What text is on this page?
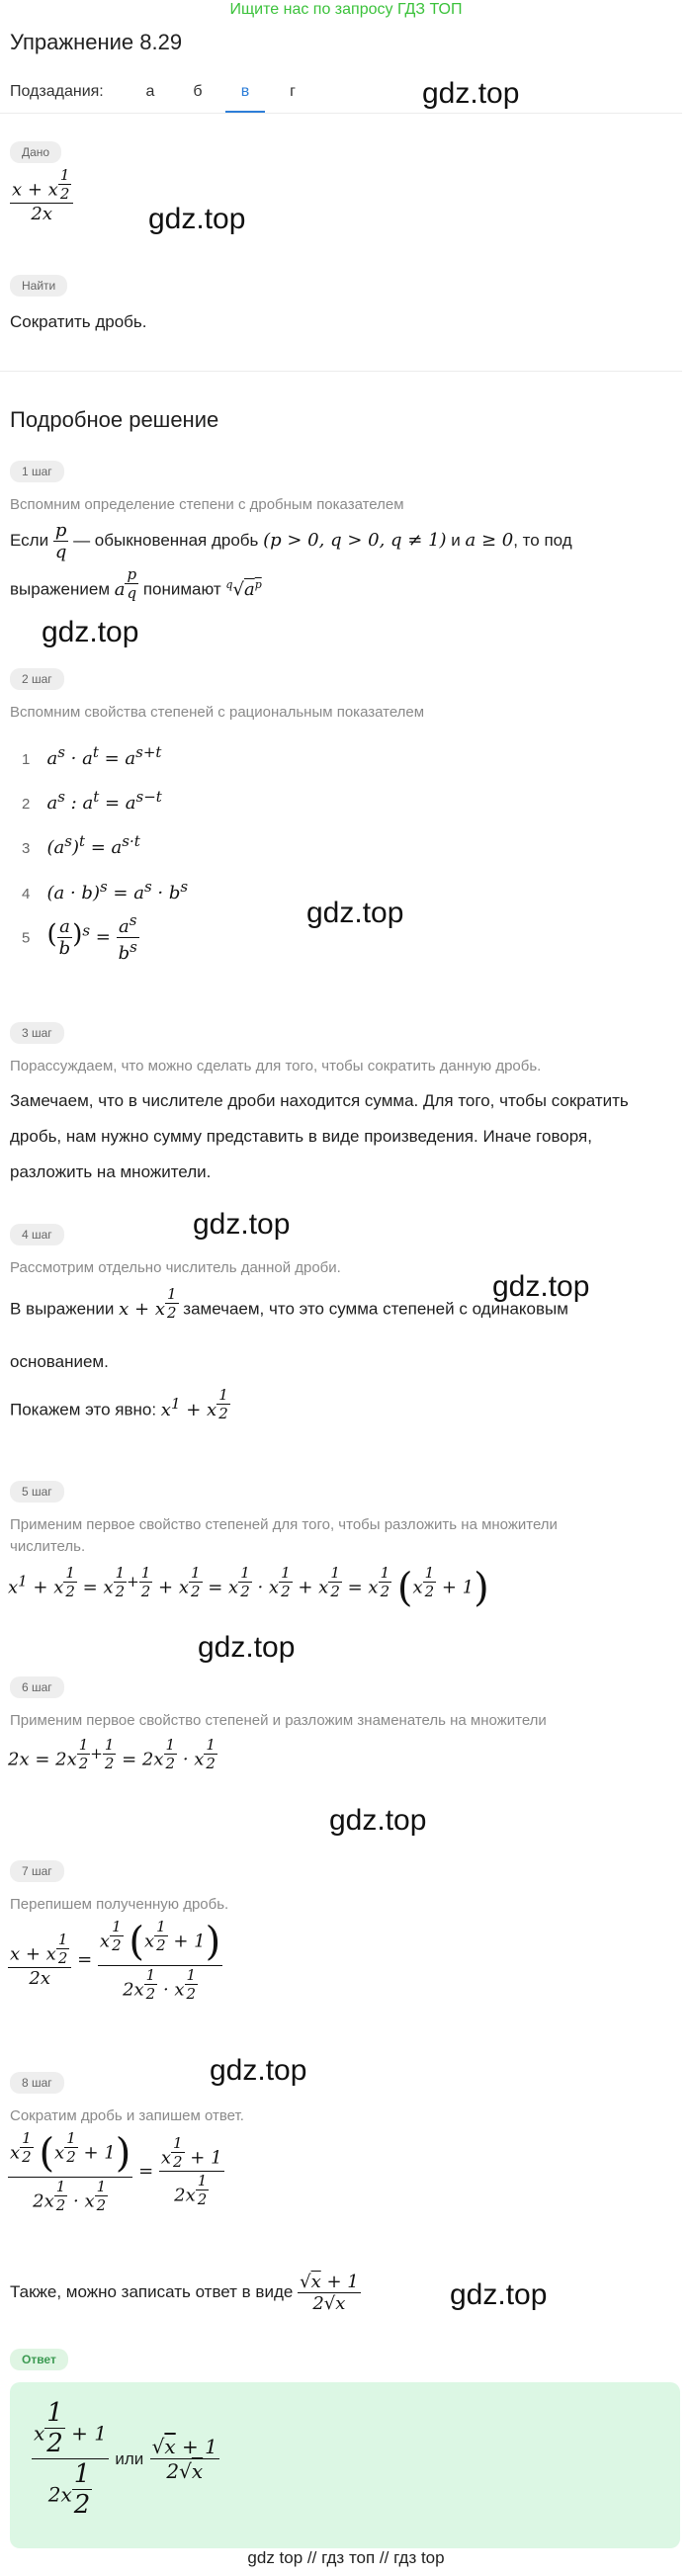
Ищите нас по запросу ГДЗ ТОП
Упражнение 8.29
Подзадания:	а	б	в	г	gdz.top
gdz.top
gdz.top
gdz.top
gdz.top
gdz.top
gdz.top
gdz.top
gdz.top
gdz.top
Дано
x + x $^{\frac{1}{2}}$
2x
Найти
Сократить дробь.
Подробное решение
1 шаг
Вспомним определение степени с дробным показателем
Если $\frac{p}{q}$ — обыкновенная дробь (p > 0, q > 0, q ≠ 1) и a ≥ 0, то под
выражением a $^{\frac{p}{q}}$ понимают $^q√a^p$
2 шаг
Вспомним свойства степеней с рациональным показателем
1   $a^s \cdot a^t = a^{s+t}$
2   $a^s$ : $a^t = a^{s-t}$
3   $(a^s)^t = a^{s\cdot t}$
4   $(a \cdot b)^s = a^s \cdot b^s$
5 ( $\frac{a}{b} )^s = \frac{a^s}{b^s}$
3 шаг
Порассуждаем, что можно сделать для того, чтобы сократить данную дробь.
Замечаем, что в числителе дроби находится сумма. Для того, чтобы сократить
дробь, нам нужно сумму представить в виде произведения. Иначе говоря,
разложить на множители.
4 шаг
Рассмотрим отдельно числитель данной дроби.
В выражении x + x $^{\frac{1}{2}}$ замечаем, что это сумма степеней с одинаковым
основанием.
Покажем это явно: $x^1 + x$ $^{\frac{1}{2}}$
5 шаг
Применим первое свойство степеней для того, чтобы разложить на множители
числитель.
$x^1 + x$ $^{\frac{1}{2}}$ = x $^{\frac{1}{2} + \frac{1}{2}}$ + x $^{\frac{1}{2}}$ = x $^{\frac{1}{2}}$ · x $^{\frac{1}{2}}$ + x $^{\frac{1}{2}}$ = x $^{\frac{1}{2}}$ (x $^{\frac{1}{2}}$ + 1)
6 шаг
Применим первое свойство степеней и разложим знаменатель на множители
2x = 2x $^{\frac{1}{2} + \frac{1}{2}}$ = 2x $^{\frac{1}{2}}$ · x $^{\frac{1}{2}}$
7 шаг
Перепишем полученную дробь.
x + x $^{\frac{1}{2}}$
2x = x $^{\frac{1}{2}}$ (x $^{\frac{1}{2}}$ + 1)
2x $^{\frac{1}{2}}$ · x $^{\frac{1}{2}}$
8 шаг
Сократим дробь и запишем ответ.
x $^{\frac{1}{2}}$ (x $^{\frac{1}{2}}$ + 1)
2x $^{\frac{1}{2}}$ · x $^{\frac{1}{2}}$ = x $^{\frac{1}{2}}$ + 1
2x $^{\frac{1}{2}}$
Также, можно записать ответ в виде $\frac{√x + 1}{2√x}$
Ответ
x $^{\frac{1}{2}}$ + 1
2x $^{\frac{1}{2}}$ или $\frac{√x + 1}{2√x}$
gdz top // гдз топ // гдз top
